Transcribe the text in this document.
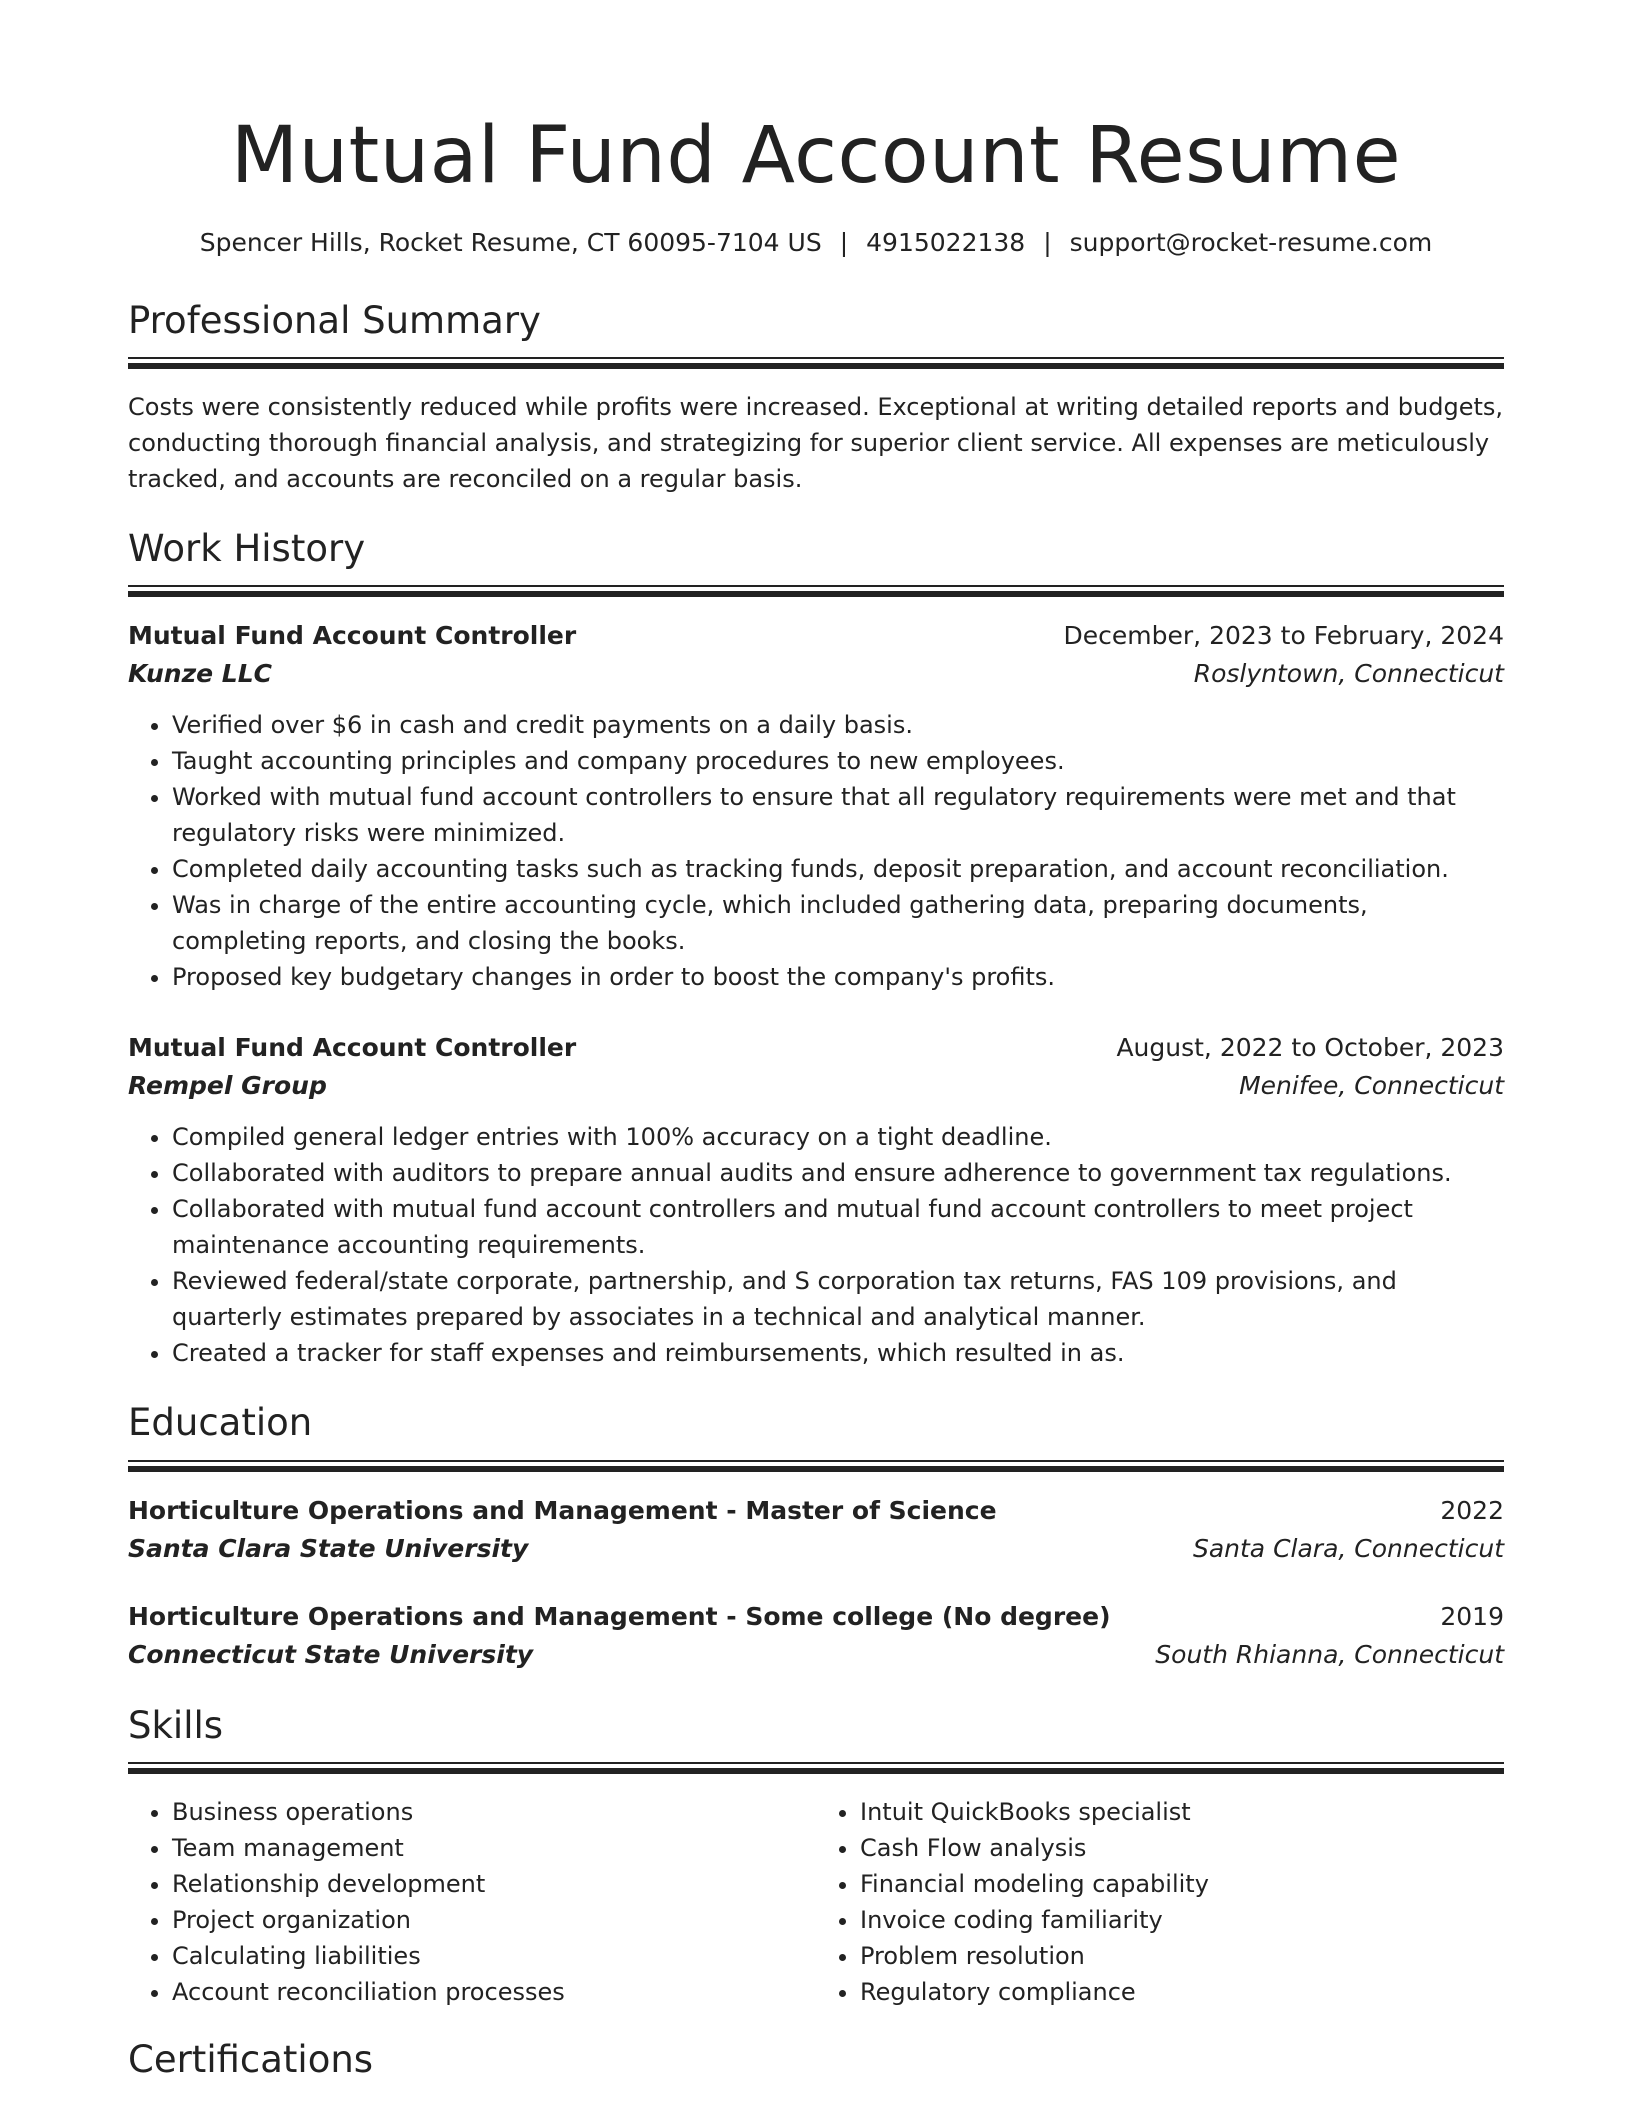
Mutual Fund Account Resume
Spencer Hills, Rocket Resume, CT 60095-7104 US | 4915022138 | support@rocket-resume.com
Professional Summary

Costs were consistently reduced while profits were increased. Exceptional at writing detailed reports and budgets, conducting thorough financial analysis, and strategizing for superior client service. All expenses are meticulously tracked, and accounts are reconciled on a regular basis.

Work History
Mutual Fund Account Controller	December, 2023 to February, 2024
Kunze LLC	Roslyntown, Connecticut
• Verified over $6 in cash and credit payments on a daily basis.
• Taught accounting principles and company procedures to new employees.
• Worked with mutual fund account controllers to ensure that all regulatory requirements were met and that regulatory risks were minimized.
• Completed daily accounting tasks such as tracking funds, deposit preparation, and account reconciliation.
• Was in charge of the entire accounting cycle, which included gathering data, preparing documents, completing reports, and closing the books.
• Proposed key budgetary changes in order to boost the company's profits.
Mutual Fund Account Controller	August, 2022 to October, 2023
Rempel Group	Menifee, Connecticut
• Compiled general ledger entries with 100% accuracy on a tight deadline.
• Collaborated with auditors to prepare annual audits and ensure adherence to government tax regulations.
• Collaborated with mutual fund account controllers and mutual fund account controllers to meet project maintenance accounting requirements.
• Reviewed federal/state corporate, partnership, and S corporation tax returns, FAS 109 provisions, and quarterly estimates prepared by associates in a technical and analytical manner.
• Created a tracker for staff expenses and reimbursements, which resulted in as.
Education
Horticulture Operations and Management - Master of Science	2022
Santa Clara State University	Santa Clara, Connecticut
Horticulture Operations and Management - Some college (No degree)	2019
Connecticut State University	South Rhianna, Connecticut
Skills
• Business operations
• Team management
• Relationship development
• Project organization
• Calculating liabilities
• Account reconciliation processes
• Intuit QuickBooks specialist
• Cash Flow analysis
• Financial modeling capability
• Invoice coding familiarity
• Problem resolution
• Regulatory compliance
Certifications
